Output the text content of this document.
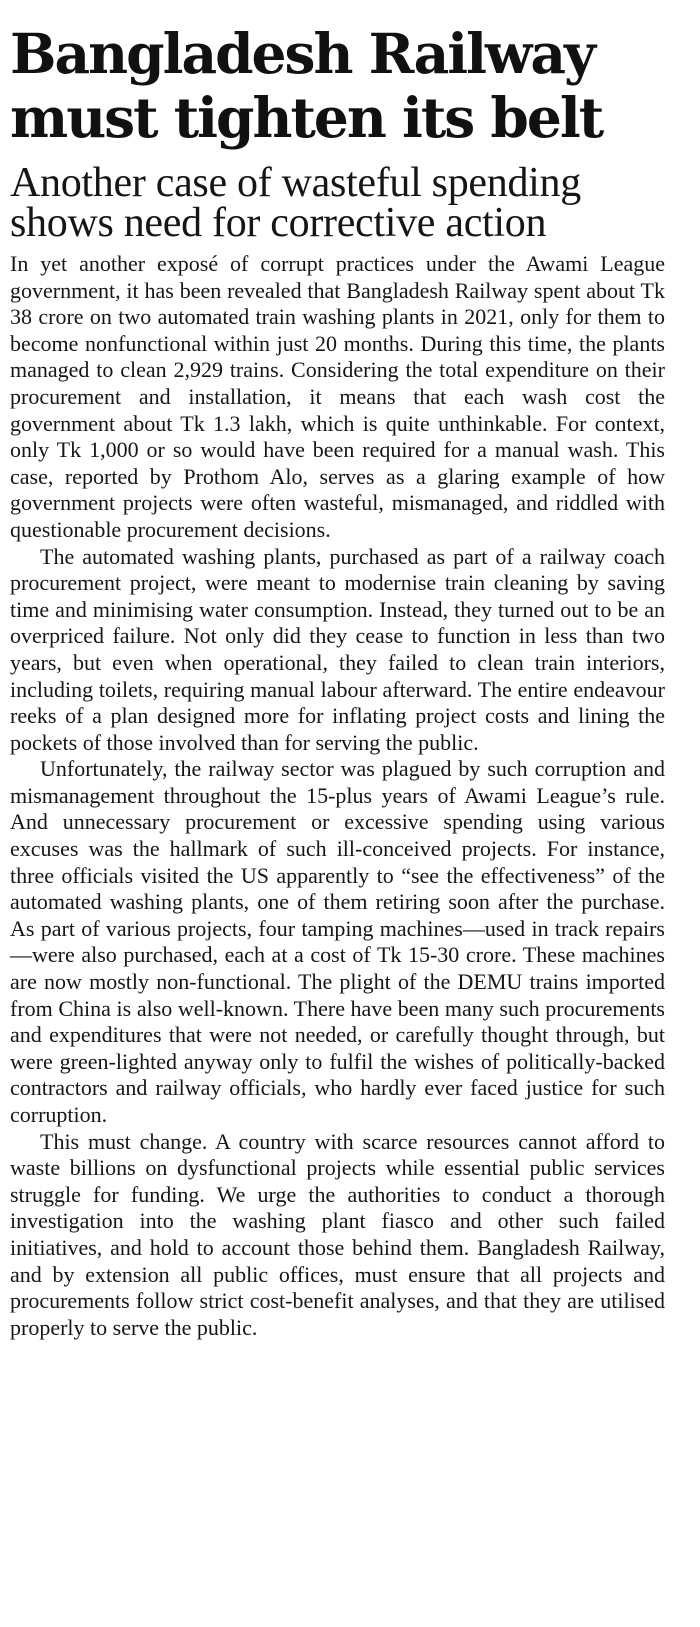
Bangladesh Railway
must tighten its belt
Another case of wasteful spending
shows need for corrective action

In yet another exposé of corrupt practices under the Awami League government, it has been revealed that Bangladesh Railway spent about Tk 38 crore on two automated train washing plants in 2021, only for them to become nonfunctional within just 20 months. During this time, the plants managed to clean 2,929 trains. Considering the total expenditure on their procurement and installation, it means that each wash cost the government about Tk 1.3 lakh, which is quite unthinkable. For context, only Tk 1,000 or so would have been required for a manual wash. This case, reported by Prothom Alo, serves as a glaring example of how government projects were often wasteful, mismanaged, and riddled with questionable procurement decisions.

The automated washing plants, purchased as part of a railway coach procurement project, were meant to modernise train cleaning by saving time and minimising water consumption. Instead, they turned out to be an overpriced failure. Not only did they cease to function in less than two years, but even when operational, they failed to clean train interiors, including toilets, requiring manual labour afterward. The entire endeavour reeks of a plan designed more for inflating project costs and lining the pockets of those involved than for serving the public.

Unfortunately, the railway sector was plagued by such corruption and mismanagement throughout the 15-plus years of Awami League’s rule. And unnecessary procurement or excessive spending using various excuses was the hallmark of such ill-conceived projects. For instance, three officials visited the US apparently to “see the effectiveness” of the automated washing plants, one of them retiring soon after the purchase. As part of various projects, four tamping machines—used in track repairs—were also purchased, each at a cost of Tk 15-30 crore. These machines are now mostly non-functional. The plight of the DEMU trains imported from China is also well-known. There have been many such procurements and expenditures that were not needed, or carefully thought through, but were green-lighted anyway only to fulfil the wishes of politically-backed contractors and railway officials, who hardly ever faced justice for such corruption.

This must change. A country with scarce resources cannot afford to waste billions on dysfunctional projects while essential public services struggle for funding. We urge the authorities to conduct a thorough investigation into the washing plant fiasco and other such failed initiatives, and hold to account those behind them. Bangladesh Railway, and by extension all public offices, must ensure that all projects and procurements follow strict cost-benefit analyses, and that they are utilised properly to serve the public.
